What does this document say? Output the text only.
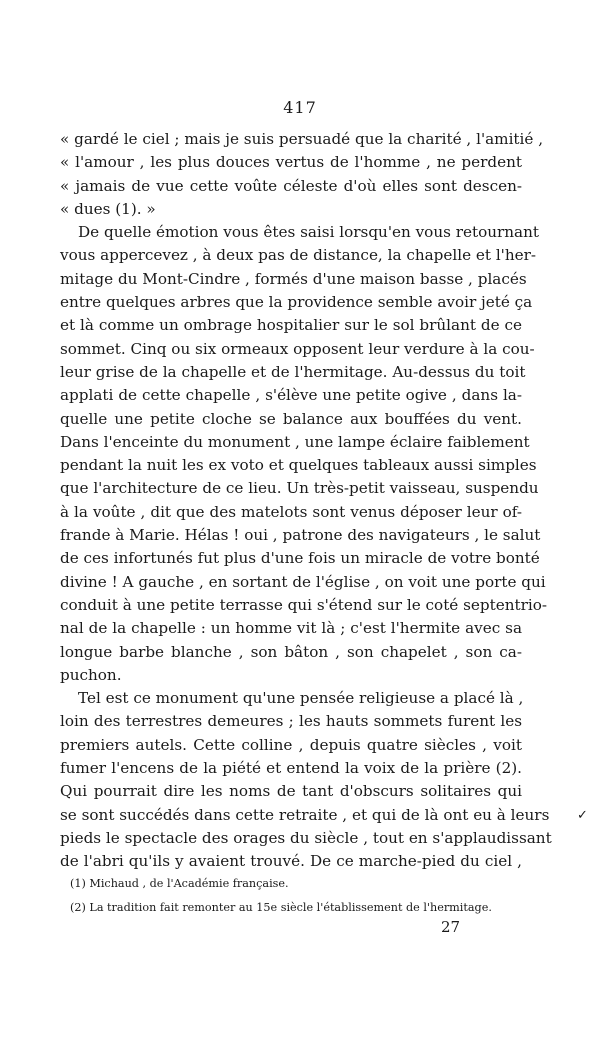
417
« gardé le ciel ; mais je suis persuadé que la charité , l'amitié ,
« l'amour , les plus douces vertus de l'homme , ne perdent
« jamais de vue cette voûte céleste d'où elles sont descen-
« dues (1). »
De quelle émotion vous êtes saisi lorsqu'en vous retournant
vous appercevez , à deux pas de distance, la chapelle et l'her-
mitage du Mont-Cindre , formés d'une maison basse , placés
entre quelques arbres que la providence semble avoir jeté ça
et là comme un ombrage hospitalier sur le sol brûlant de ce
sommet. Cinq ou six ormeaux opposent leur verdure à la cou-
leur grise de la chapelle et de l'hermitage. Au-dessus du toit
applati de cette chapelle , s'élève une petite ogive , dans la-
quelle une petite cloche se balance aux bouffées du vent.
Dans l'enceinte du monument , une lampe éclaire faiblement
pendant la nuit les ex voto et quelques tableaux aussi simples
que l'architecture de ce lieu. Un très-petit vaisseau, suspendu
à la voûte , dit que des matelots sont venus déposer leur of-
frande à Marie. Hélas ! oui , patrone des navigateurs , le salut
de ces infortunés fut plus d'une fois un miracle de votre bonté
divine ! A gauche , en sortant de l'église , on voit une porte qui
conduit à une petite terrasse qui s'étend sur le coté septentrio-
nal de la chapelle : un homme vit là ; c'est l'hermite avec sa
longue barbe blanche , son bâton , son chapelet , son ca-
puchon.
Tel est ce monument qu'une pensée religieuse a placé là ,
loin des terrestres demeures ; les hauts sommets furent les
premiers autels. Cette colline , depuis quatre siècles , voit
fumer l'encens de la piété et entend la voix de la prière (2).
Qui pourrait dire les noms de tant d'obscurs solitaires qui
se sont succédés dans cette retraite , et qui de là ont eu à leurs
pieds le spectacle des orages du siècle , tout en s'applaudissant
de l'abri qu'ils y avaient trouvé. De ce marche-pied du ciel ,
✓
(1) Michaud , de l'Académie française.
(2) La tradition fait remonter au 15e siècle l'établissement de l'hermitage.
27
